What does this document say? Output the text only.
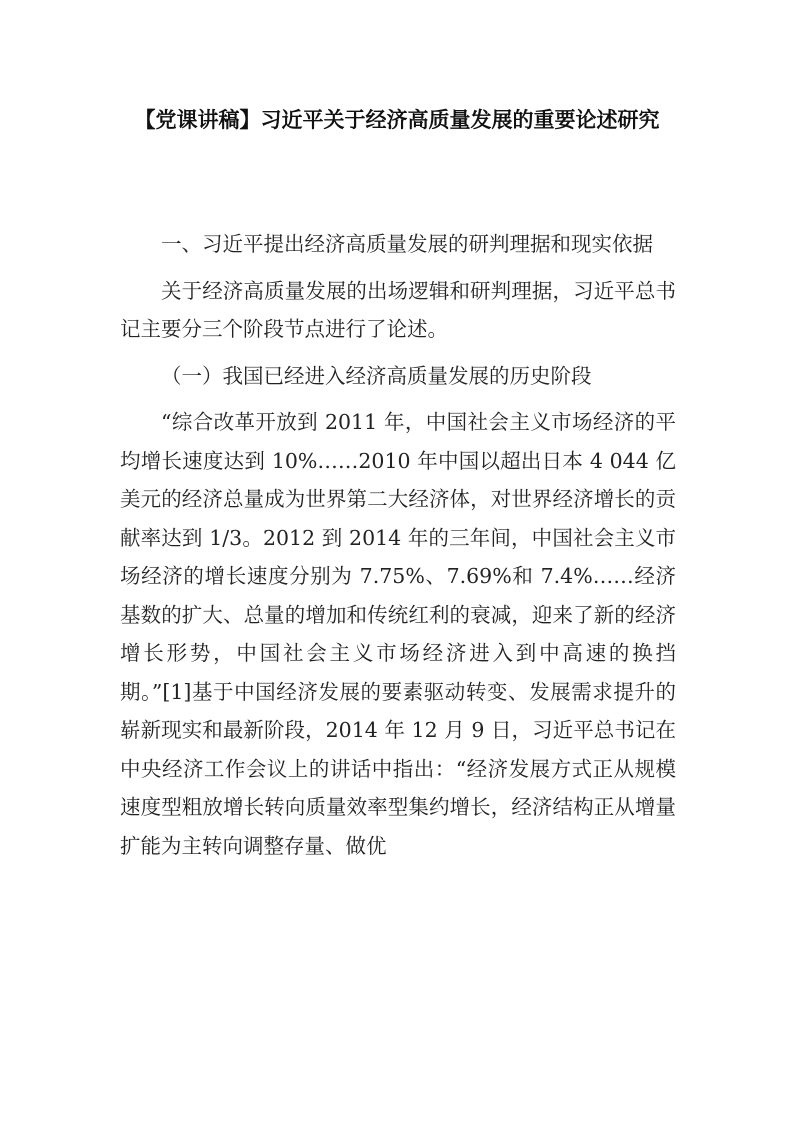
【党课讲稿】习近平关于经济高质量发展的重要论述研究

一、习近平提出经济高质量发展的研判理据和现实依据

关于经济高质量发展的出场逻辑和研判理据，习近平总书记主要分三个阶段节点进行了论述。

（一）我国已经进入经济高质量发展的历史阶段

“综合改革开放到 2011 年，中国社会主义市场经济的平均增长速度达到 10%……2010 年中国以超出日本 4 044 亿美元的经济总量成为世界第二大经济体，对世界经济增长的贡献率达到 1/3。2012 到 2014 年的三年间，中国社会主义市场经济的增长速度分别为 7.75%、7.69%和 7.4%……经济基数的扩大、总量的增加和传统红利的衰减，迎来了新的经济增长形势，中国社会主义市场经济进入到中高速的换挡期。”[1]基于中国经济发展的要素驱动转变、发展需求提升的崭新现实和最新阶段，2014 年 12 月 9 日，习近平总书记在中央经济工作会议上的讲话中指出：“经济发展方式正从规模速度型粗放增长转向质量效率型集约增长，经济结构正从增量扩能为主转向调整存量、做优
